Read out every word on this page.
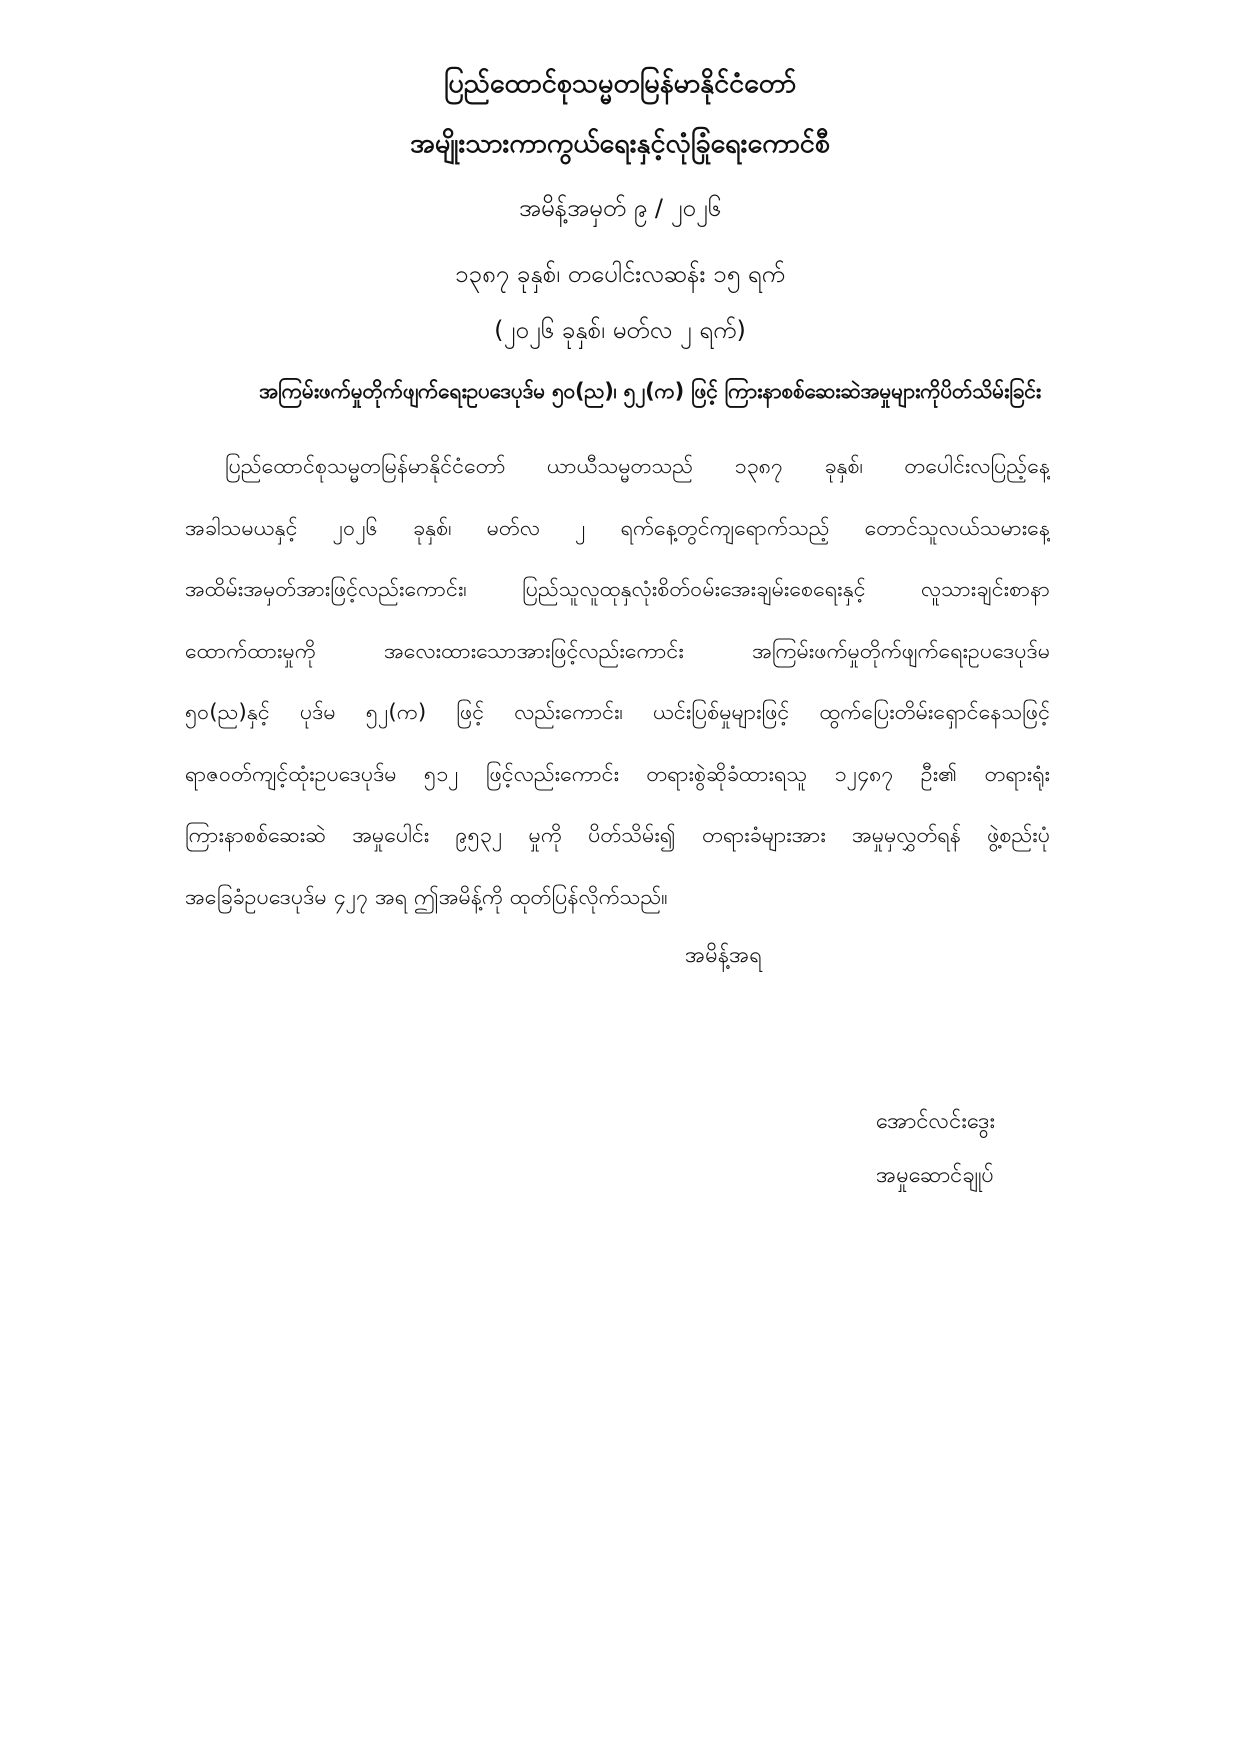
ပြည်ထောင်စုသမ္မတမြန်မာနိုင်ငံတော်
အမျိုးသားကာကွယ်ရေးနှင့်လုံခြုံရေးကောင်စီ
အမိန့်အမှတ် ၉ / ၂၀၂၆
၁၃၈၇ ခုနှစ်၊ တပေါင်းလဆန်း ၁၅ ရက်
(၂၀၂၆ ခုနှစ်၊ မတ်လ ၂ ရက်)
အကြမ်းဖက်မှုတိုက်ဖျက်ရေးဥပဒေပုဒ်မ ၅၀(ည)၊ ၅၂(က) ဖြင့် ကြားနာစစ်ဆေးဆဲအမှုများကိုပိတ်သိမ်းခြင်း
ပြည်ထောင်စုသမ္မတမြန်မာနိုင်ငံတော် ယာယီသမ္မတသည် ၁၃၈၇ ခုနှစ်၊ တပေါင်းလပြည့်နေ့
အခါသမယနှင့် ၂၀၂၆ ခုနှစ်၊ မတ်လ ၂ ရက်နေ့တွင်ကျရောက်သည့် တောင်သူလယ်သမားနေ့
အထိမ်းအမှတ်အားဖြင့်လည်းကောင်း၊ ပြည်သူလူထုနှလုံးစိတ်ဝမ်းအေးချမ်းစေရေးနှင့် လူသားချင်းစာနာ
ထောက်ထားမှုကို အလေးထားသောအားဖြင့်လည်းကောင်း အကြမ်းဖက်မှုတိုက်ဖျက်ရေးဥပဒေပုဒ်မ
၅၀(ည)နှင့် ပုဒ်မ ၅၂(က) ဖြင့် လည်းကောင်း၊ ယင်းပြစ်မှုများဖြင့် ထွက်ပြေးတိမ်းရှောင်နေသဖြင့်
ရာဇဝတ်ကျင့်ထုံးဥပဒေပုဒ်မ ၅၁၂ ဖြင့်လည်းကောင်း တရားစွဲဆိုခံထားရသူ ၁၂၄၈၇ ဦး၏ တရားရုံး
ကြားနာစစ်ဆေးဆဲ အမှုပေါင်း ၉၅၃၂ မှုကို ပိတ်သိမ်း၍ တရားခံများအား အမှုမှလွှတ်ရန် ဖွဲ့စည်းပုံ
အခြေခံဥပဒေပုဒ်မ ၄၂၇ အရ ဤအမိန့်ကို ထုတ်ပြန်လိုက်သည်။
အမိန့်အရ
အောင်လင်းဒွေး
အမှုဆောင်ချုပ်
